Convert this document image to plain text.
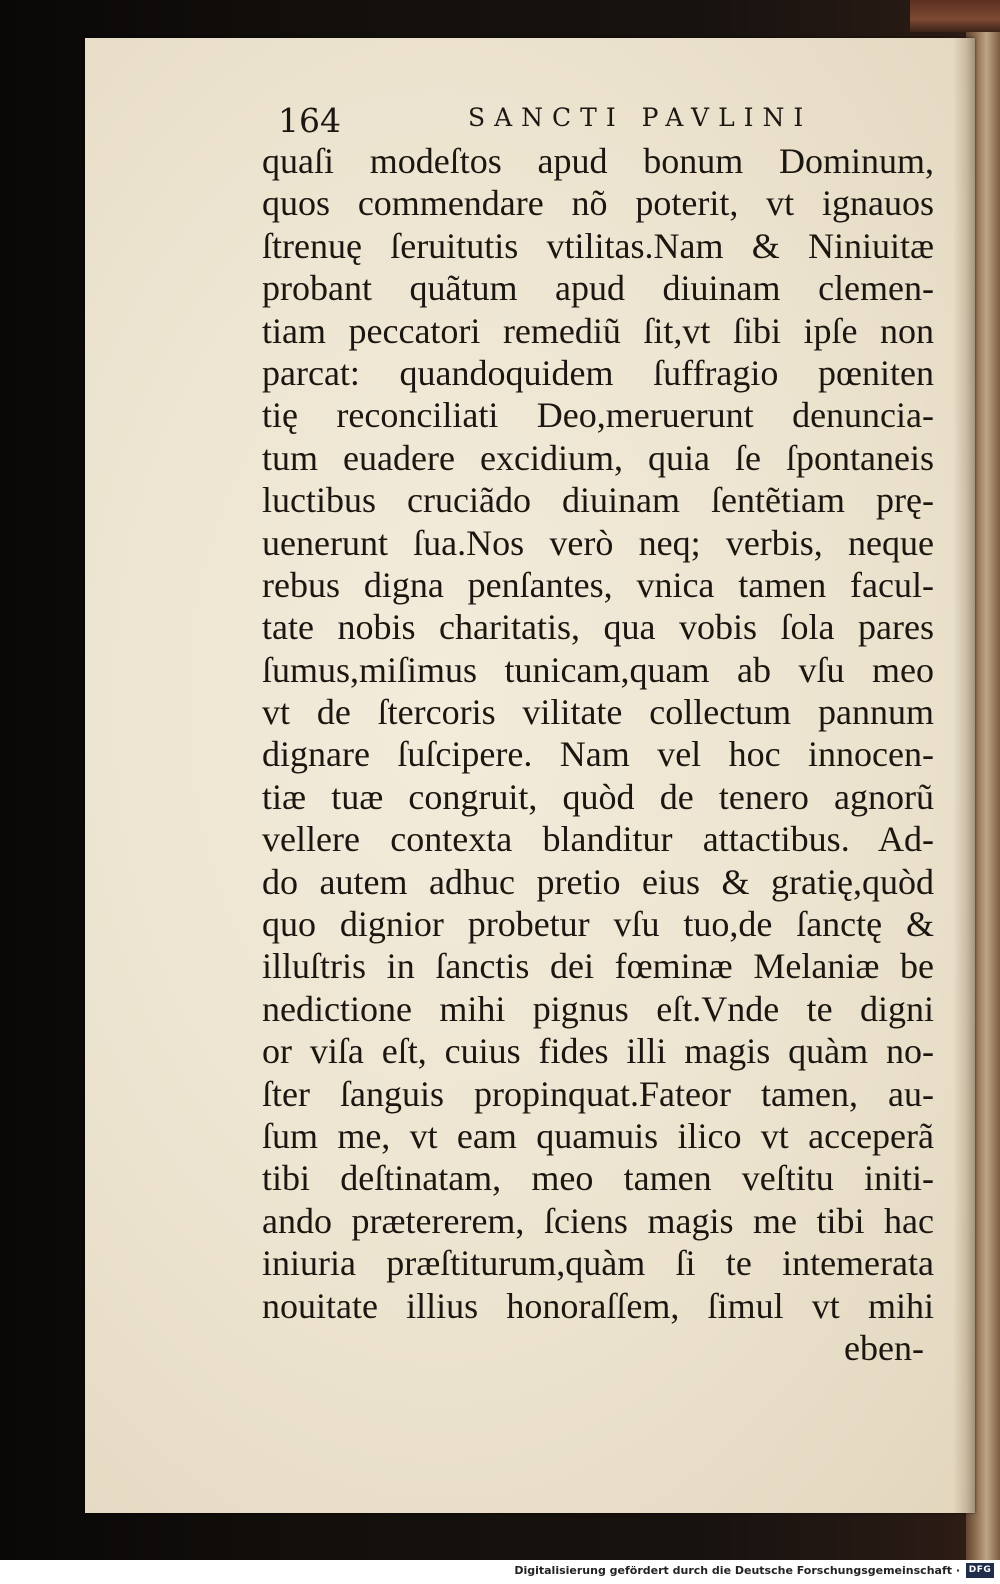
164	SANCTI PAVLINI
quaſi modeſtos apud bonum Dominum,
quos commendare nõ poterit, vt ignauos
ſtrenuę ſeruitutis vtilitas.Nam & Niniuitæ
probant quãtum apud diuinam clemen-
tiam peccatori remediũ ſit,vt ſibi ipſe non
parcat: quandoquidem ſuffragio pœniten
tię reconciliati Deo,meruerunt denuncia-
tum euadere excidium, quia ſe ſpontaneis
luctibus cruciãdo diuinam ſentẽtiam prę-
uenerunt ſua.Nos verò neq; verbis, neque
rebus digna penſantes, vnica tamen facul-
tate nobis charitatis, qua vobis ſola pares
ſumus,miſimus tunicam,quam ab vſu meo
vt de ſtercoris vilitate collectum pannum
dignare ſuſcipere. Nam vel hoc innocen-
tiæ tuæ congruit, quòd de tenero agnorũ
vellere contexta blanditur attactibus. Ad-
do autem adhuc pretio eius & gratię,quòd
quo dignior probetur vſu tuo,de ſanctę &
illuſtris in ſanctis dei fœminæ Melaniæ be
nedictione mihi pignus eſt.Vnde te digni
or viſa eſt, cuius fides illi magis quàm no-
ſter ſanguis propinquat.Fateor tamen, au-
ſum me, vt eam quamuis ilico vt acceperã
tibi deſtinatam, meo tamen veſtitu initi-
ando prætererem, ſciens magis me tibi hac
iniuria præſtiturum,quàm ſi te intemerata
nouitate illius honoraſſem, ſimul vt mihi
eben-
Digitalisierung gefördert durch die Deutsche Forschungsgemeinschaft · DFG
